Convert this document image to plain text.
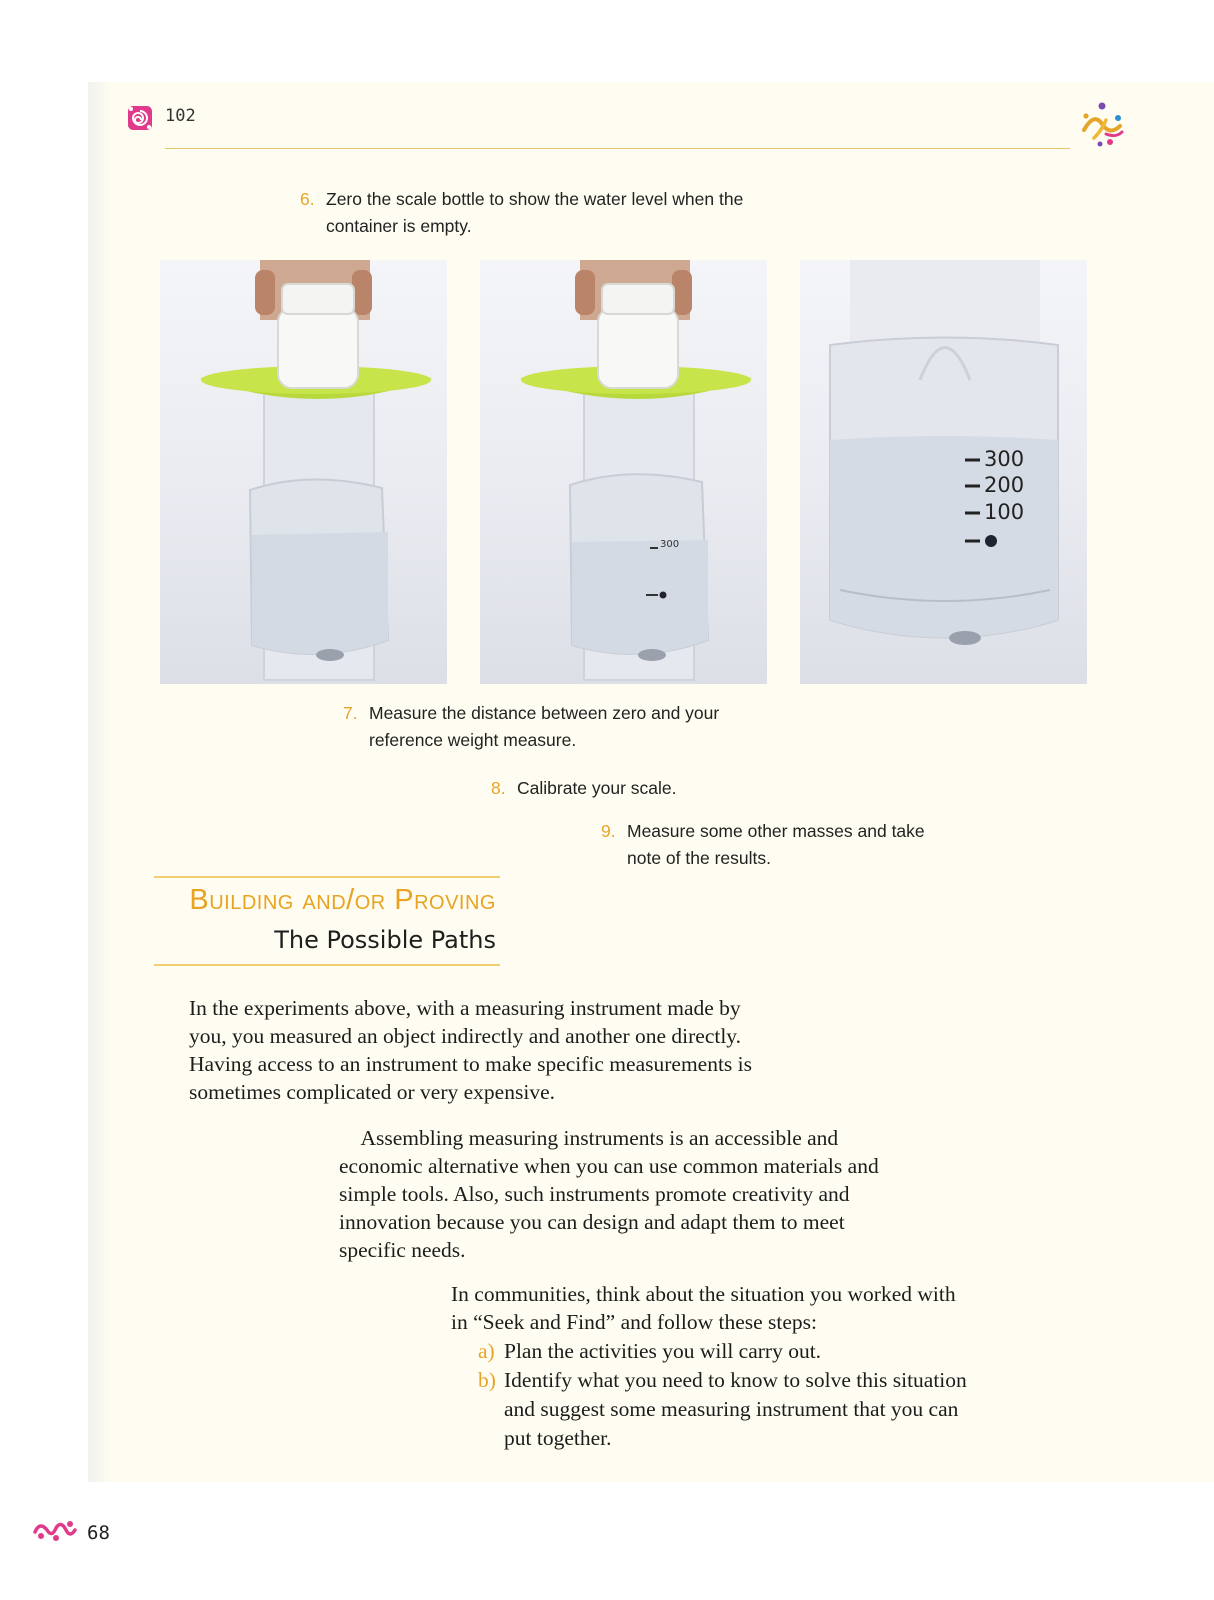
102
6. Zero the scale bottle to show the water level when the
container is empty.
300
300
200
100
7. Measure the distance between zero and your
reference weight measure.
8. Calibrate your scale.
9. Measure some other masses and take
note of the results.
Building and/or Proving
The Possible Paths
In the experiments above, with a measuring instrument made by
you, you measured an object indirectly and another one directly.
Having access to an instrument to make specific measurements is
sometimes complicated or very expensive.
 Assembling measuring instruments is an accessible and
economic alternative when you can use common materials and
simple tools. Also, such instruments promote creativity and
innovation because you can design and adapt them to meet
specific needs.
In communities, think about the situation you worked with
in “Seek and Find” and follow these steps:
a) Plan the activities you will carry out.
b) Identify what you need to know to solve this situation
and suggest some measuring instrument that you can
put together.
68
